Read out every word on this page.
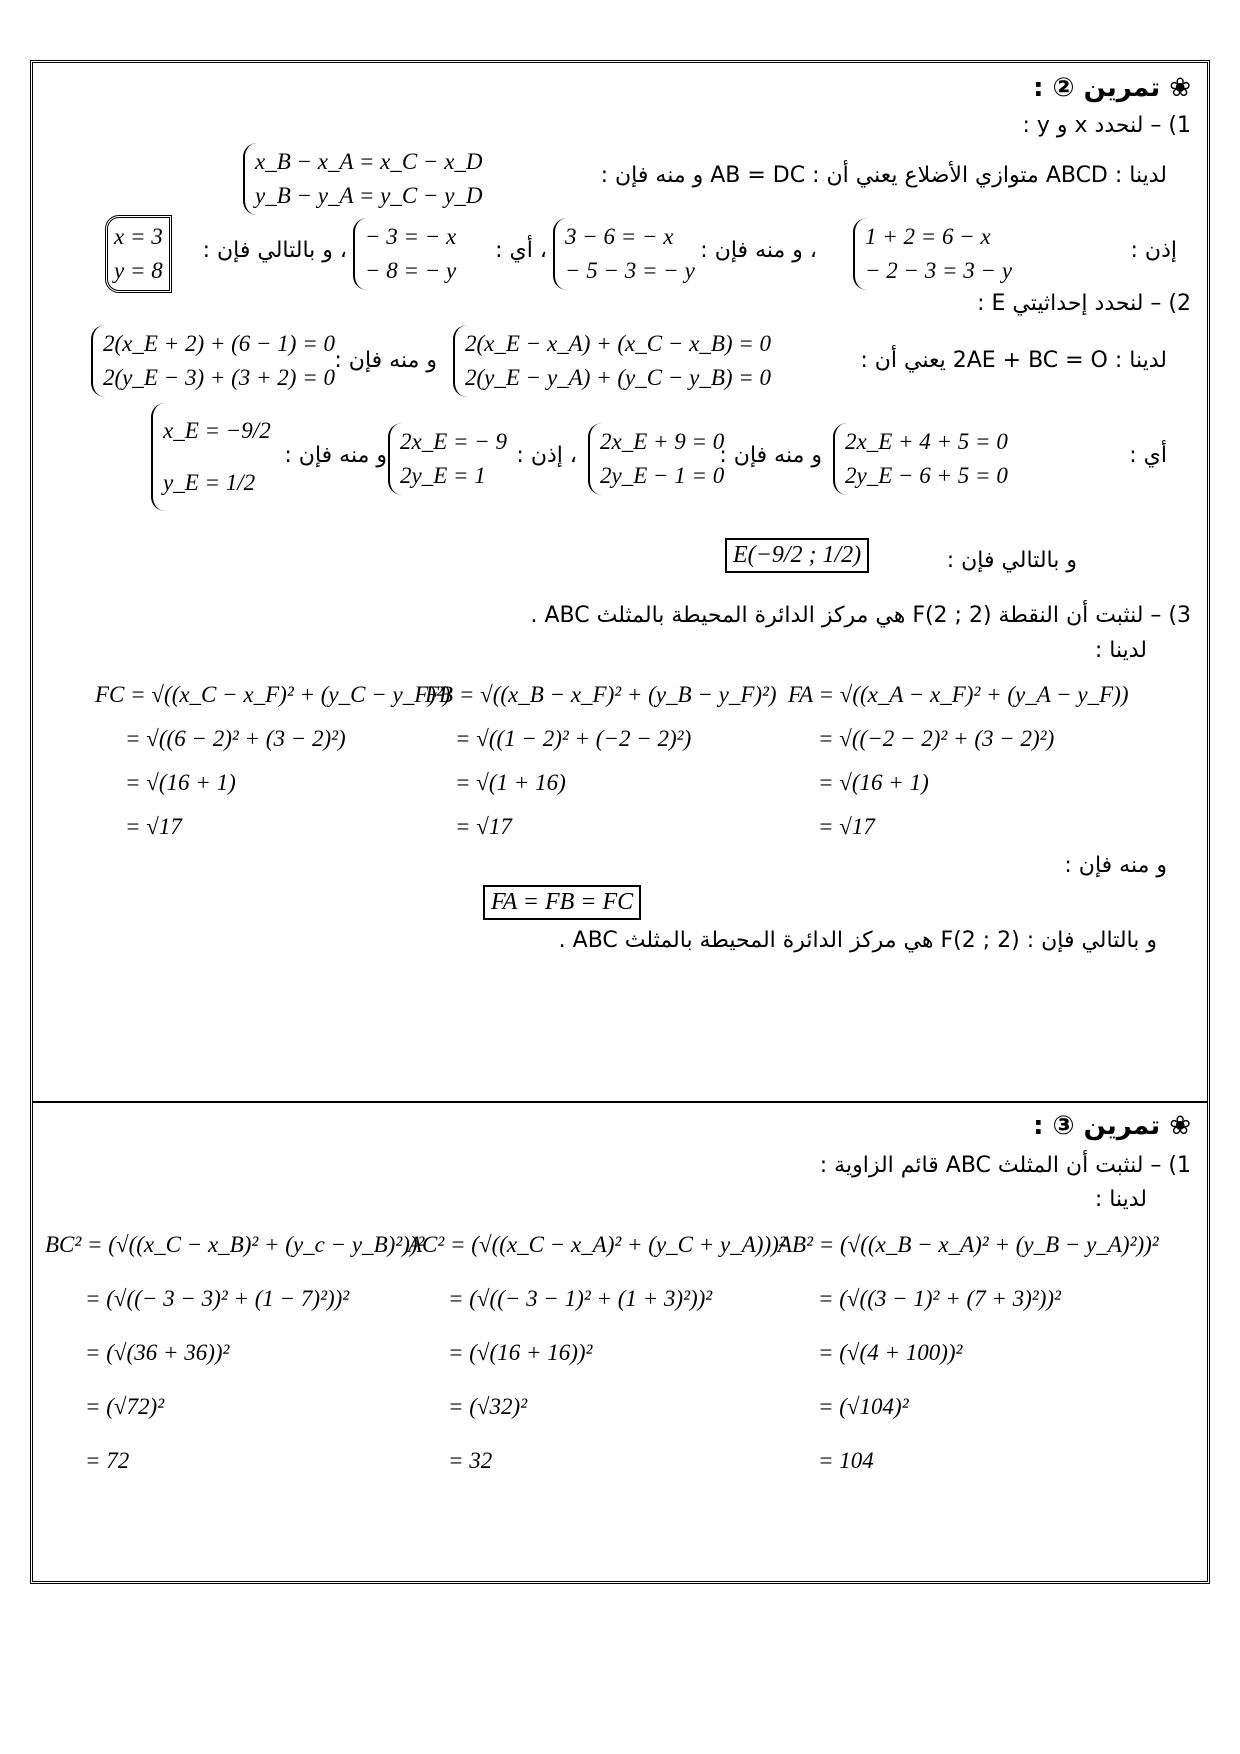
❀ تمرين ② :
1) – لنحدد x و y :
لدينا : ABCD متوازي الأضلاع يعني أن : AB = DC و منه فإن :
x_B − x_A = x_C − x_D
y_B − y_A = y_C − y_D
إذن :
1 + 2 = 6 − x
− 2 − 3 = 3 − y
، و منه فإن :
3 − 6 = − x
− 5 − 3 = − y
، أي :
− 3 = − x
− 8 = − y
، و بالتالي فإن :
x = 3
y = 8
2) – لنحدد إحداثيتي E :
لدينا : 2AE + BC = O يعني أن :
2(x_E − x_A) + (x_C − x_B) = 0
2(y_E − y_A) + (y_C − y_B) = 0
و منه فإن :
2(x_E + 2) + (6 − 1) = 0
2(y_E − 3) + (3 + 2) = 0
أي :
2x_E + 4 + 5 = 0
2y_E − 6 + 5 = 0
و منه فإن :
2x_E + 9 = 0
2y_E − 1 = 0
، إذن :
2x_E = − 9
2y_E = 1
و منه فإن :
x_E = −9/2
y_E = 1/2
و بالتالي فإن :
E(−9/2 ; 1/2)
3) – لنثبت أن النقطة F(2 ; 2) هي مركز الدائرة المحيطة بالمثلث ABC .
لدينا :
FA = √((x_A − x_F)² + (y_A − y_F))
= √((−2 − 2)² + (3 − 2)²)
= √(16 + 1)
= √17
FB = √((x_B − x_F)² + (y_B − y_F)²)
= √((1 − 2)² + (−2 − 2)²)
= √(1 + 16)
= √17
FC = √((x_C − x_F)² + (y_C − y_F)²)
= √((6 − 2)² + (3 − 2)²)
= √(16 + 1)
= √17
و منه فإن :
FA = FB = FC
و بالتالي فإن : F(2 ; 2) هي مركز الدائرة المحيطة بالمثلث ABC .
❀ تمرين ③ :
1) – لنثبت أن المثلث ABC قائم الزاوية :
لدينا :
AB² = (√((x_B − x_A)² + (y_B − y_A)²))²
= (√((3 − 1)² + (7 + 3)²))²
= (√(4 + 100))²
= (√104)²
= 104
AC² = (√((x_C − x_A)² + (y_C + y_A)))²
= (√((− 3 − 1)² + (1 + 3)²))²
= (√(16 + 16))²
= (√32)²
= 32
BC² = (√((x_C − x_B)² + (y_c − y_B)²))²
= (√((− 3 − 3)² + (1 − 7)²))²
= (√(36 + 36))²
= (√72)²
= 72
